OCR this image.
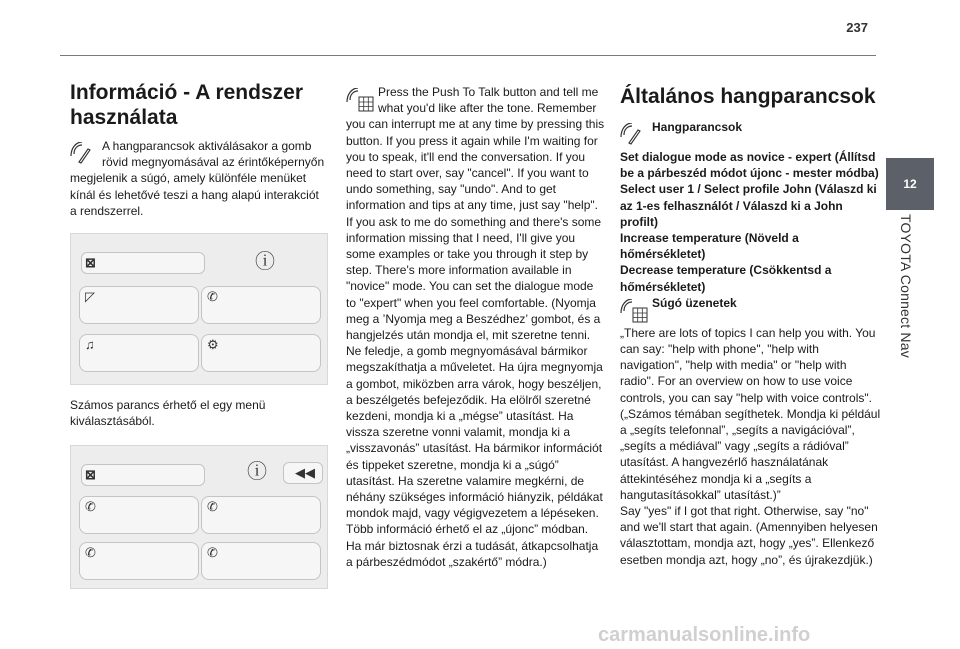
237
12
TOYOTA Connect Nav
Információ - A rendszer használata

A hangparancsok aktiválásakor a gomb rövid megnyomásával az érintőképernyőn megjelenik a súgó, amely különféle menüket kínál és lehetővé teszi a hang alapú interakciót a rendszerrel.

⊠	ⓘ
◸	✆
♫	⚙

Számos parancs érhető el egy menü kiválasztásából.

⊠	ⓘ ◀◀
✆	✆
✆	✆

Press the Push To Talk button and tell me what you'd like after the tone. Remember you can interrupt me at any time by pressing this button. If you press it again while I'm waiting for you to speak, it'll end the conversation. If you need to start over, say "cancel". If you want to undo something, say "undo". And to get information and tips at any time, just say "help". If you ask to me do something and there's some information missing that I need, I'll give you some examples or take you through it step by step. There's more information available in "novice" mode. You can set the dialogue mode to "expert" when you feel comfortable. (Nyomja meg a ’Nyomja meg a Beszédhez’ gombot, és a hangjelzés után mondja el, mit szeretne tenni. Ne feledje, a gomb megnyomásával bármikor megszakíthatja a műveletet. Ha újra megnyomja a gombot, miközben arra várok, hogy beszéljen, a beszélgetés befejeződik. Ha elölről szeretné kezdeni, mondja ki a „mégse” utasítást. Ha vissza szeretne vonni valamit, mondja ki a „visszavonás” utasítást. Ha bármikor információt és tippeket szeretne, mondja ki a „súgó” utasítást. Ha szeretne valamire megkérni, de néhány szükséges információ hiányzik, példákat mondok majd, vagy végigvezetem a lépéseken. Több információ érhető el az „újonc” módban. Ha már biztosnak érzi a tudását, átkapcsolhatja a párbeszédmódot „szakértő” módra.)

Általános hangparancsok
Hangparancsok

Set dialogue mode as novice - expert (Állítsd be a párbeszéd módot újonc - mester módba)

Select user 1 / Select profile John (Válaszd ki az 1-es felhasználót / Válaszd ki a John profilt)

Increase temperature (Növeld a hőmérsékletet)

Decrease temperature (Csökkentsd a hőmérsékletet)

Súgó üzenetek

„There are lots of topics I can help you with. You can say: "help with phone", "help with navigation", "help with media" or "help with radio". For an overview on how to use voice controls, you can say "help with voice controls". („Számos témában segíthetek. Mondja ki például a „segíts telefonnal”, „segíts a navigációval”, „segíts a médiával” vagy „segíts a rádióval” utasítást. A hangvezérlő használatának áttekintéséhez mondja ki a „segíts a hangutasításokkal” utasítást.)”
Say "yes" if I got that right. Otherwise, say "no" and we'll start that again. (Amennyiben helyesen választottam, mondja azt, hogy „yes”. Ellenkező esetben mondja azt, hogy „no”, és újrakezdjük.)

carmanualsonline.info
